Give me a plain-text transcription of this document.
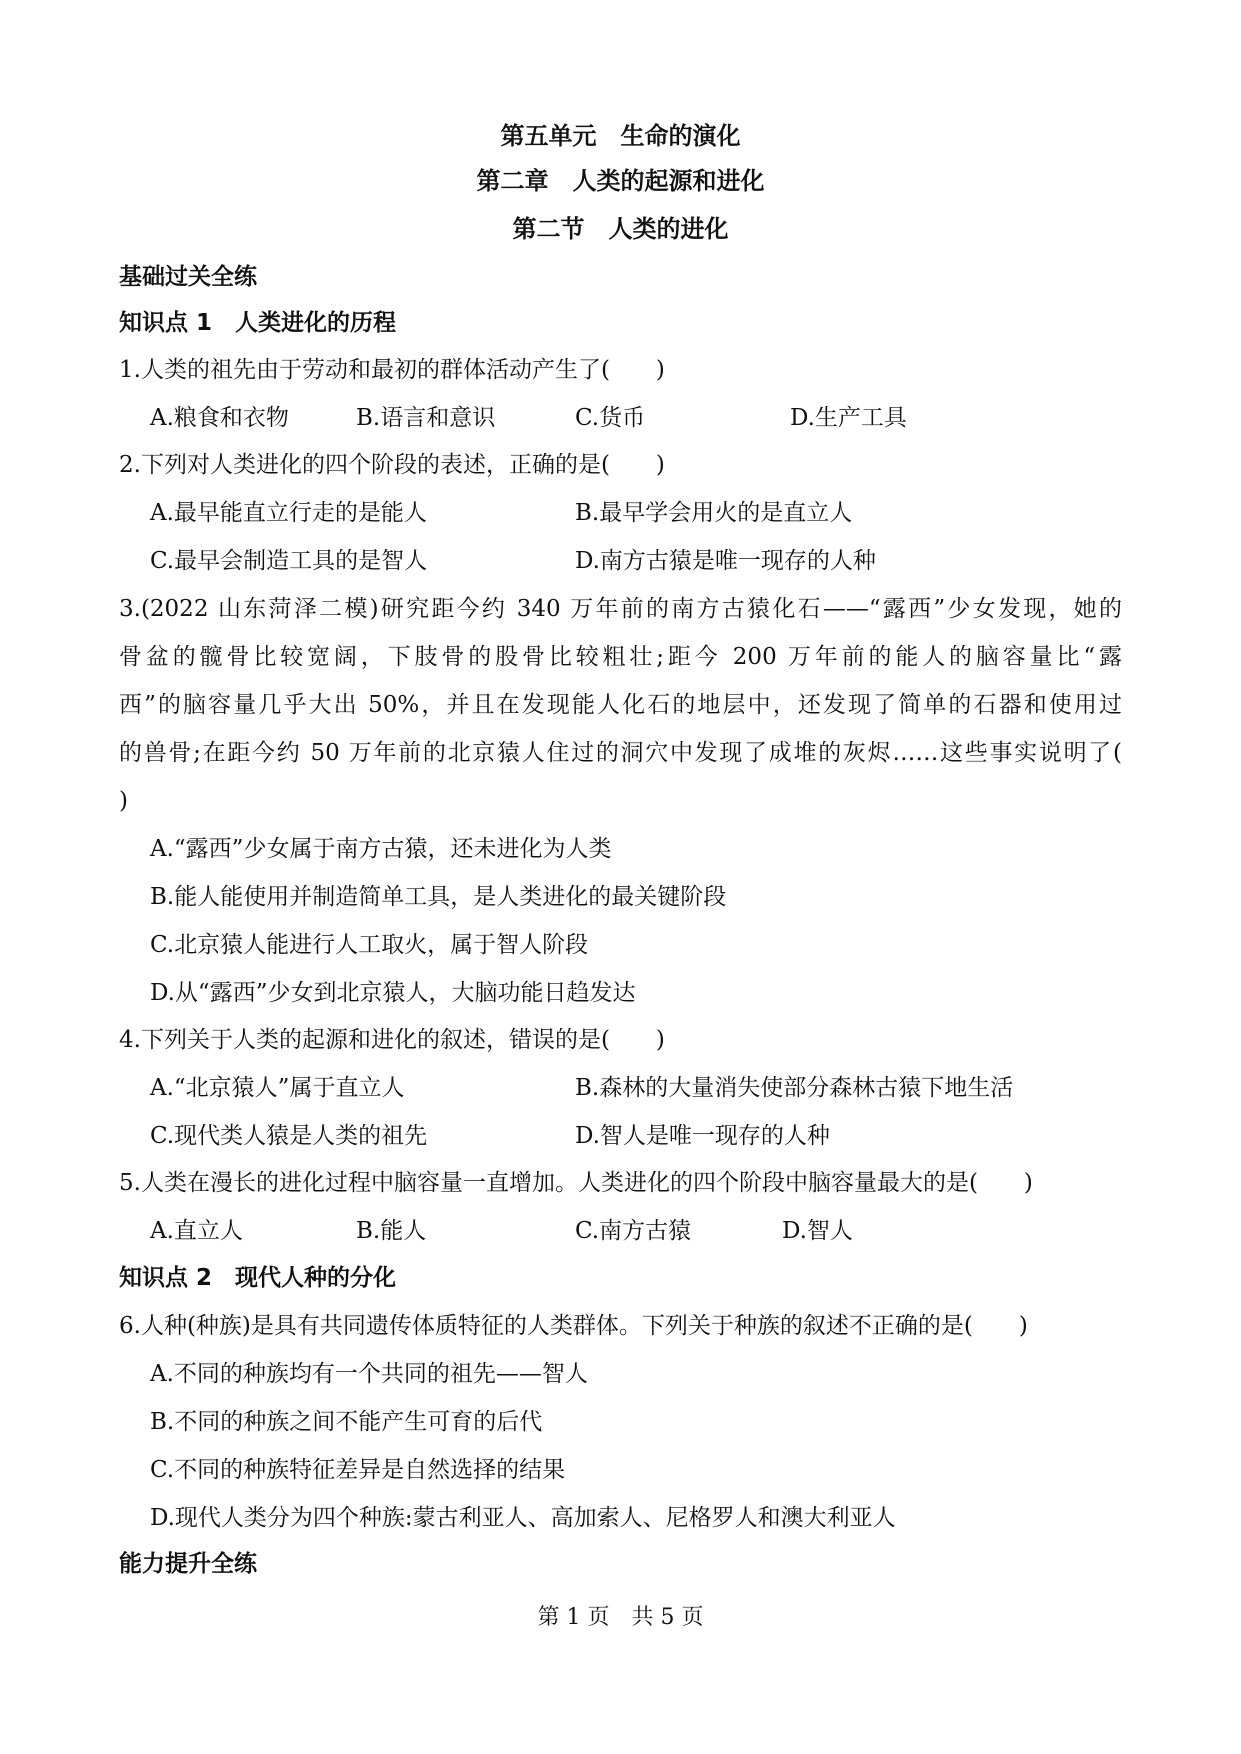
第五单元　生命的演化
第二章　人类的起源和进化
第二节　人类的进化
基础过关全练
知识点 1　人类进化的历程
1.人类的祖先由于劳动和最初的群体活动产生了(　　)
A.粮食和衣物	B.语言和意识	C.货币	D.生产工具
2.下列对人类进化的四个阶段的表述，正确的是(　　)
A.最早能直立行走的是能人	B.最早学会用火的是直立人
C.最早会制造工具的是智人	D.南方古猿是唯一现存的人种
3.(2022 山东菏泽二模)研究距今约 340 万年前的南方古猿化石——“露西”少女发现，她的
骨盆的髋骨比较宽阔，下肢骨的股骨比较粗壮;距今 200 万年前的能人的脑容量比“露
西”的脑容量几乎大出 50%，并且在发现能人化石的地层中，还发现了简单的石器和使用过
的兽骨;在距今约 50 万年前的北京猿人住过的洞穴中发现了成堆的灰烬……这些事实说明了(
)
A.“露西”少女属于南方古猿，还未进化为人类
B.能人能使用并制造简单工具，是人类进化的最关键阶段
C.北京猿人能进行人工取火，属于智人阶段
D.从“露西”少女到北京猿人，大脑功能日趋发达
4.下列关于人类的起源和进化的叙述，错误的是(　　)
A.“北京猿人”属于直立人	B.森林的大量消失使部分森林古猿下地生活
C.现代类人猿是人类的祖先	D.智人是唯一现存的人种
5.人类在漫长的进化过程中脑容量一直增加。人类进化的四个阶段中脑容量最大的是(　　)
A.直立人	B.能人	C.南方古猿	D.智人
知识点 2　现代人种的分化
6.人种(种族)是具有共同遗传体质特征的人类群体。下列关于种族的叙述不正确的是(　　)
A.不同的种族均有一个共同的祖先——智人
B.不同的种族之间不能产生可育的后代
C.不同的种族特征差异是自然选择的结果
D.现代人类分为四个种族:蒙古利亚人、高加索人、尼格罗人和澳大利亚人
能力提升全练
第 1 页　共 5 页
